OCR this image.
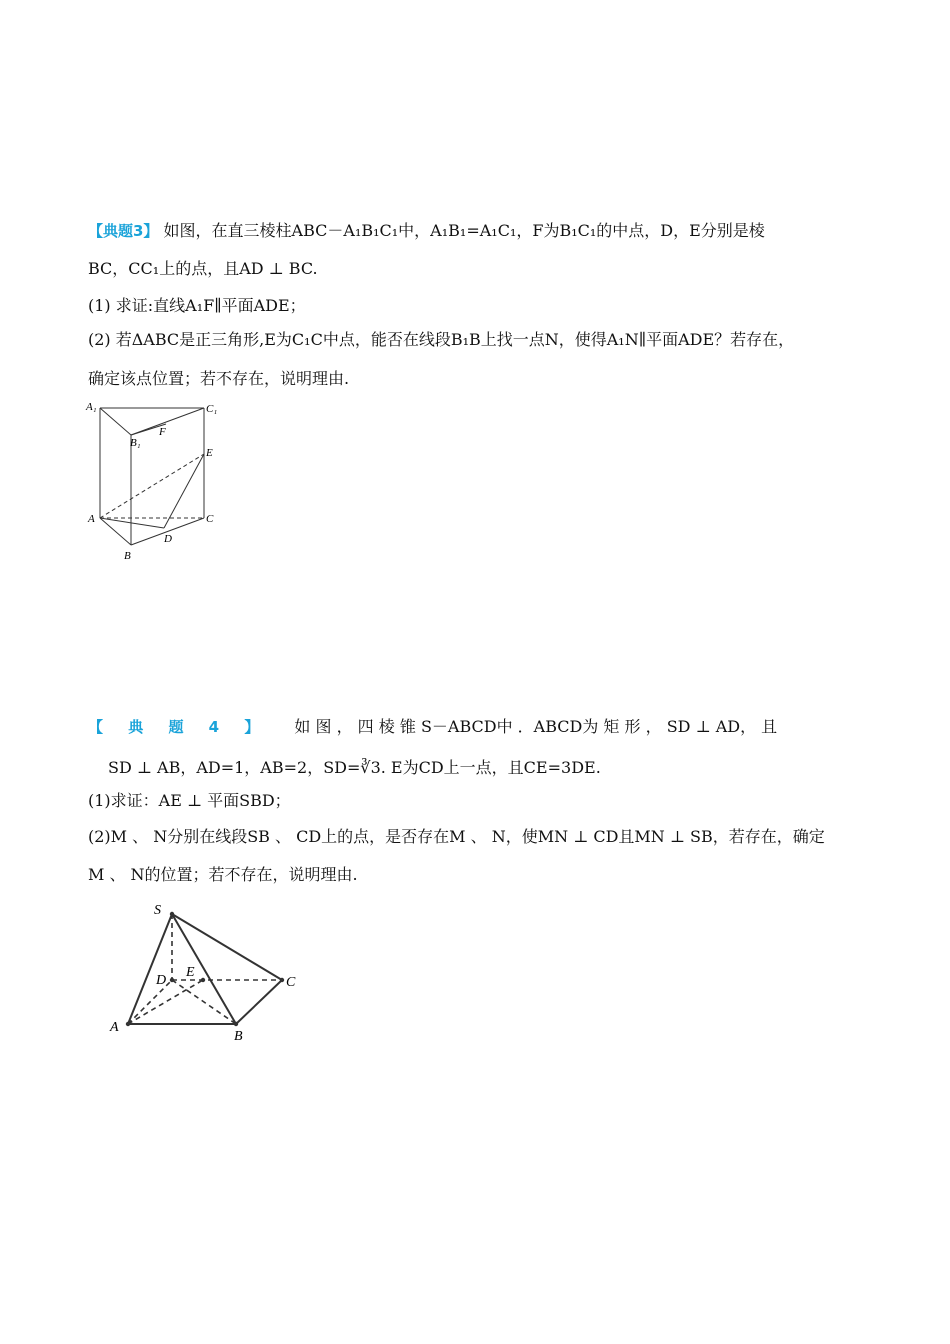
【典题3】 如图，在直三棱柱ABC－A₁B₁C₁中，A₁B₁=A₁C₁，F为B₁C₁的中点，D，E分别是棱
BC，CC₁上的点，且AD ⊥ BC.
(1) 求证:直线A₁F∥平面ADE；
(2) 若ΔABC是正三角形,E为C₁C中点，能否在线段B₁B上找一点N，使得A₁N∥平面ADE？若存在，
确定该点位置；若不存在，说明理由.
A₁	C₁
B₁
F
E
A	C
D
B
【 典 题 4 】 如 图 ， 四 棱 锥 S－ABCD中 ．ABCD为 矩 形 ， SD ⊥ AD， 且
SD ⊥ AB，AD=1，AB=2，SD=∛3. E为CD上一点，且CE=3DE.
(1)求证：AE ⊥ 平面SBD；
(2)M 、 N分别在线段SB 、 CD上的点，是否存在M 、 N，使MN ⊥ CD且MN ⊥ SB，若存在，确定
M 、 N的位置；若不存在，说明理由.
S
D
E
C
A
B
